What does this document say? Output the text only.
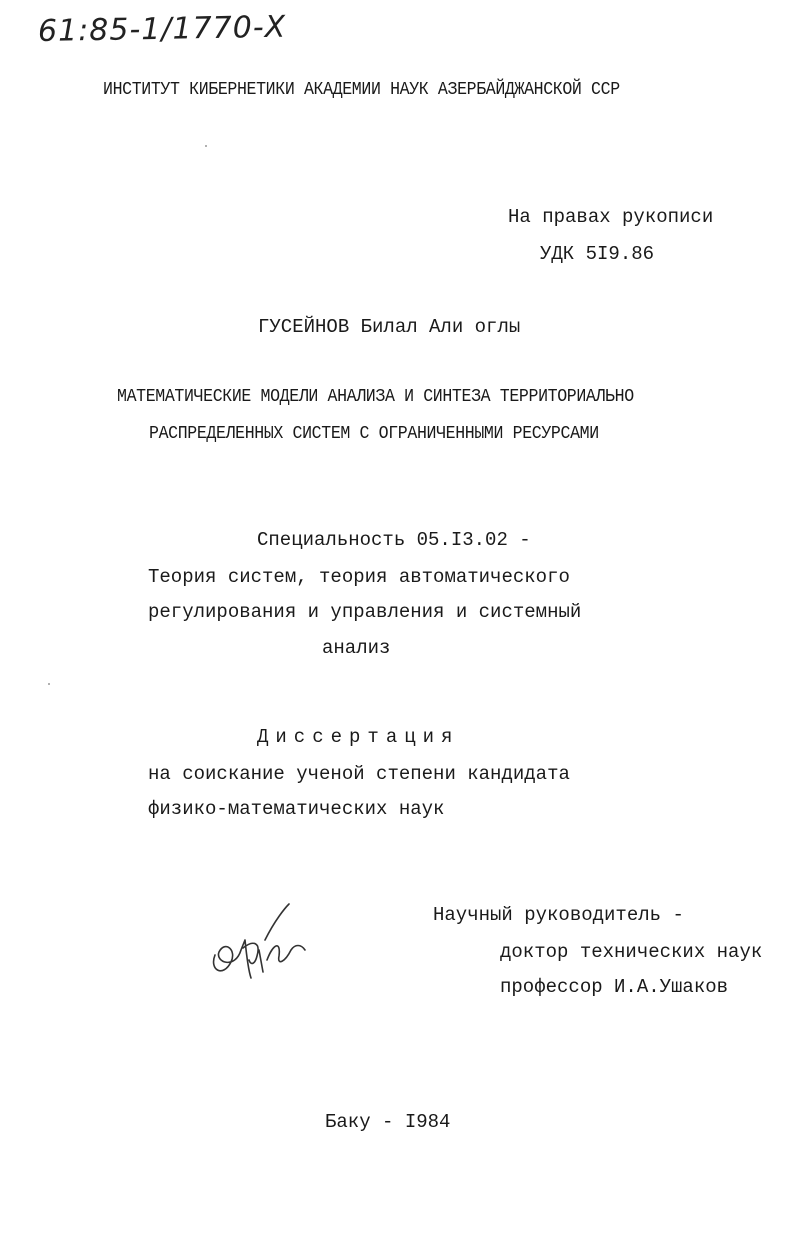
61:85-1/1770-Х
ИНСТИТУТ КИБЕРНЕТИКИ АКАДЕМИИ НАУК АЗЕРБАЙДЖАНСКОЙ ССР
На правах рукописи
УДК 5I9.86
ГУСЕЙНОВ Билал Али оглы
МАТЕМАТИЧЕСКИЕ МОДЕЛИ АНАЛИЗА И СИНТЕЗА ТЕРРИТОРИАЛЬНО
РАСПРЕДЕЛЕННЫХ СИСТЕМ С ОГРАНИЧЕННЫМИ РЕСУРСАМИ
Специальность 05.I3.02 -
Теория систем, теория автоматического
регулирования и управления и системный
анализ
Диссертация
на соискание ученой степени кандидата
физико-математических наук
Научный руководитель -
доктор технических наук
профессор И.А.Ушаков
Баку - I984
